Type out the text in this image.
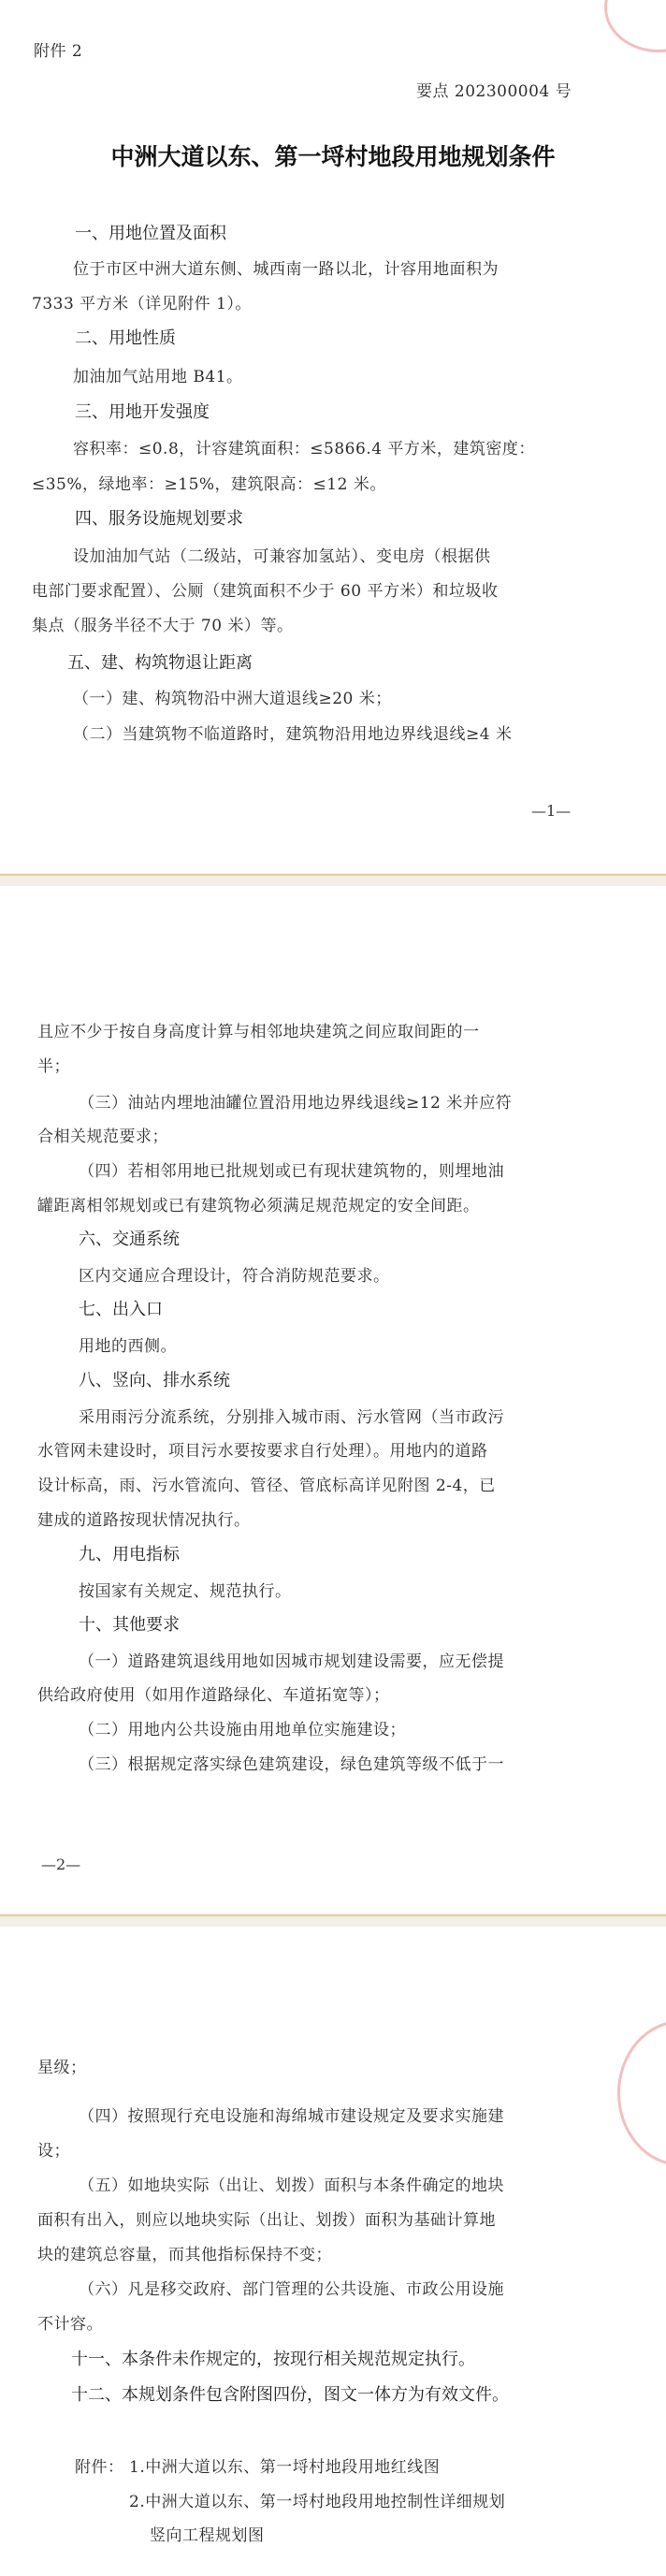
附件 2
要点 202300004 号
中洲大道以东、第一埒村地段用地规划条件
一、用地位置及面积
位于市区中洲大道东侧、城西南一路以北，计容用地面积为
7333 平方米（详见附件 1）。
二、用地性质
加油加气站用地 B41。
三、用地开发强度
容积率：≤0.8，计容建筑面积：≤5866.4 平方米，建筑密度：
≤35%，绿地率：≥15%，建筑限高：≤12 米。
四、服务设施规划要求
设加油加气站（二级站，可兼容加氢站）、变电房（根据供
电部门要求配置）、公厕（建筑面积不少于 60 平方米）和垃圾收
集点（服务半径不大于 70 米）等。
五、建、构筑物退让距离
（一）建、构筑物沿中洲大道退线≥20 米；
（二）当建筑物不临道路时，建筑物沿用地边界线退线≥4 米
—1—
且应不少于按自身高度计算与相邻地块建筑之间应取间距的一
半；
（三）油站内埋地油罐位置沿用地边界线退线≥12 米并应符
合相关规范要求；
（四）若相邻用地已批规划或已有现状建筑物的，则埋地油
罐距离相邻规划或已有建筑物必须满足规范规定的安全间距。
六、交通系统
区内交通应合理设计，符合消防规范要求。
七、出入口
用地的西侧。
八、竖向、排水系统
采用雨污分流系统，分别排入城市雨、污水管网（当市政污
水管网未建设时，项目污水要按要求自行处理）。用地内的道路
设计标高，雨、污水管流向、管径、管底标高详见附图 2-4，已
建成的道路按现状情况执行。
九、用电指标
按国家有关规定、规范执行。
十、其他要求
（一）道路建筑退线用地如因城市规划建设需要，应无偿提
供给政府使用（如用作道路绿化、车道拓宽等）；
（二）用地内公共设施由用地单位实施建设；
（三）根据规定落实绿色建筑建设，绿色建筑等级不低于一
—2—
星级；
（四）按照现行充电设施和海绵城市建设规定及要求实施建
设；
（五）如地块实际（出让、划拨）面积与本条件确定的地块
面积有出入，则应以地块实际（出让、划拨）面积为基础计算地
块的建筑总容量，而其他指标保持不变；
（六）凡是移交政府、部门管理的公共设施、市政公用设施
不计容。
十一、本条件未作规定的，按现行相关规范规定执行。
十二、本规划条件包含附图四份，图文一体方为有效文件。
附件： 1.中洲大道以东、第一埒村地段用地红线图
2.中洲大道以东、第一埒村地段用地控制性详细规划
竖向工程规划图
